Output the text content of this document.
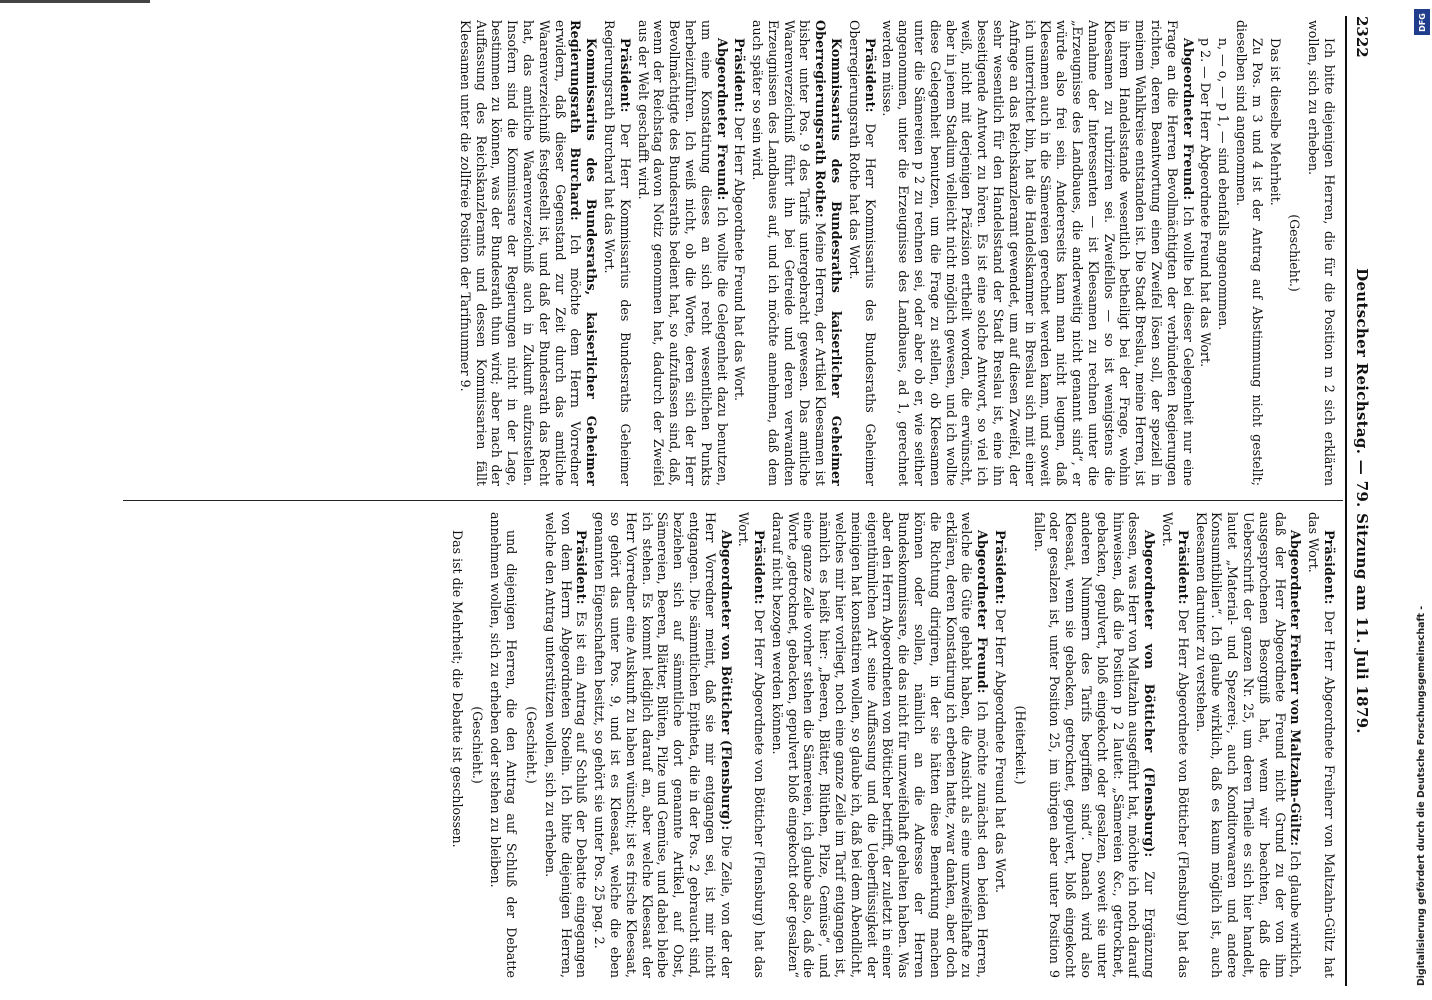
2322
Deutscher Reichstag. — 79. Sitzung am 11. Juli 1879.

Ich bitte diejenigen Herren, die für die Position m 2 sich erklären wollen, sich zu erheben.

(Geschieht.)

Das ist dieselbe Mehrheit.

Zu Pos. m 3 und 4 ist der Antrag auf Abstimmung nicht gestellt; dieselben sind angenommen.

n, — o, — p 1, — sind ebenfalls angenommen.

p 2. — Der Herr Abgeordnete Freund hat das Wort.

Abgeordneter Freund: Ich wollte bei dieser Gelegenheit nur eine Frage an die Herren Bevollmächtigten der verbündeten Regierungen richten, deren Beantwortung einen Zweifel lösen soll, der speziell in meinem Wahlkreise entstanden ist. Die Stadt Breslau, meine Herren, ist in ihrem Handelsstande wesentlich betheiligt bei der Frage, wohin Kleesamen zu rubriziren sei. Zweifellos — so ist wenigstens die Annahme der Interessenten — ist Kleesamen zu rechnen unter die „Erzeugnisse des Landbaues, die anderweitig nicht genannt sind“, er würde also frei sein. Andererseits kann man nicht leugnen, daß Kleesamen auch in die Sämereien gerechnet werden kann, und soweit ich unterrichtet bin, hat die Handelskammer in Breslau sich mit einer Anfrage an das Reichskanzleramt gewendet, um auf diesen Zweifel, der sehr wesentlich für den Handelsstand der Stadt Breslau ist, eine ihn beseitigende Antwort zu hören. Es ist eine solche Antwort, so viel ich weiß, nicht mit derjenigen Präzision ertheilt worden, die erwünscht, aber in jenem Stadium vielleicht nicht möglich gewesen, und ich wollte diese Gelegenheit benutzen, um die Frage zu stellen, ob Kleesamen unter die Sämereien p 2 zu rechnen sei, oder aber ob er, wie seither angenommen, unter die Erzeugnisse des Landbaues, ad 1, gerechnet werden müsse.

Präsident: Der Herr Kommissarius des Bundesraths Geheimer Oberregierungsrath Rothe hat das Wort.

Kommissarius des Bundesraths kaiserlicher Geheimer Oberregierungsrath Rothe: Meine Herren, der Artikel Kleesamen ist bisher unter Pos. 9 des Tarifs untergebracht gewesen. Das amtliche Waarenverzeichniß führt ihn bei Getreide und deren verwandten Erzeugnissen des Landbaues auf, und ich möchte annehmen, daß dem auch später so sein wird.

Präsident: Der Herr Abgeordnete Freund hat das Wort.

Abgeordneter Freund: Ich wollte die Gelegenheit dazu benutzen, um eine Konstatirung dieses an sich recht wesentlichen Punkts herbeizuführen. Ich weiß nicht, ob die Worte, deren sich der Herr Bevollmächtigte des Bundesraths bedient hat, so aufzufassen sind, daß, wenn der Reichstag davon Notiz genommen hat, dadurch der Zweifel aus der Welt geschafft wird.

Präsident: Der Herr Kommissarius des Bundesraths Geheimer Regierungsrath Burchard hat das Wort.

Kommissarius des Bundesraths, kaiserlicher Geheimer Regierungsrath Burchard: Ich möchte dem Herrn Vorredner erwidern, daß dieser Gegenstand zur Zeit durch das amtliche Waarenverzeichniß festgestellt ist, und daß der Bundesrath das Recht hat, das amtliche Waarenverzeichniß auch in Zukunft aufzustellen. Insofern sind die Kommissare der Regierungen nicht in der Lage, bestimmen zu können, was der Bundesrath thun wird; aber nach der Auffassung des Reichskanzleramts und dessen Kommissarien fällt Kleesamen unter die zollfreie Position der Tarifnummer 9.

Präsident: Der Herr Abgeordnete Freiherr von Maltzahn-Gültz hat das Wort.

Abgeordneter Freiherr von Maltzahn-Gültz: Ich glaube wirklich, daß der Herr Abgeordnete Freund nicht Grund zu der von ihm ausgesprochenen Besorgniß hat, wenn wir beachten, daß die Ueberschrift der ganzen Nr. 25, um deren Theile es sich hier handelt, lautet „Material- und Spezerei-, auch Konditorwaaren und andere Konsumtibilien“. Ich glaube wirklich, daß es kaum möglich ist, auch Kleesamen darunter zu verstehen.

Präsident: Der Herr Abgeordnete von Bötticher (Flensburg) hat das Wort.

Abgeordneter von Bötticher (Flensburg): Zur Ergänzung dessen, was Herr von Maltzahn ausgeführt hat, möchte ich noch darauf hinweisen, daß die Position p 2 lautet: „Sämereien &c., getrocknet, gebacken, gepulvert, bloß eingekocht oder gesalzen, soweit sie unter anderen Nummern des Tarifs begriffen sind“. Danach wird also Kleesaat, wenn sie gebacken, getrocknet, gepulvert, bloß eingekocht oder gesalzen ist, unter Position 25, im übrigen aber unter Position 9 fallen.

(Heiterkeit.)

Präsident: Der Herr Abgeordnete Freund hat das Wort.

Abgeordneter Freund: Ich möchte zunächst den beiden Herren, welche die Güte gehabt haben, die Ansicht als eine unzweifelhafte zu erklären, deren Konstatirung ich erbeten hatte, zwar danken, aber doch die Richtung dirigiren, in der sie hätten diese Bemerkung machen können oder sollen, nämlich an die Adresse der Herren Bundeskommissare, die das nicht für unzweifelhaft gehalten haben. Was aber den Herrn Abgeordneten von Bötticher betrifft, der zuletzt in einer eigenthümlichen Art seine Auffassung und die Ueberflüssigkeit der meinigen hat konstatiren wollen, so glaube ich, daß bei dem Abendlicht, welches mir hier vorliegt, noch eine ganze Zeile im Tarif entgangen ist, nämlich es heißt hier: „Beeren, Blätter, Blüthen, Pilze, Gemüse“, und eine ganze Zeile vorher stehen die Sämereien, ich glaube also, daß die Worte „getrocknet, gebacken, gepulvert bloß eingekocht oder gesalzen“ darauf nicht bezogen werden können.

Präsident: Der Herr Abgeordnete von Bötticher (Flensburg) hat das Wort.

Abgeordneter von Bötticher (Flensburg): Die Zeile, von der der Herr Vorredner meint, daß sie mir entgangen sei, ist mir nicht entgangen. Die sämmtlichen Epitheta, die in der Pos. 2 gebraucht sind, beziehen sich auf sämmtliche dort genannte Artikel, auf Obst, Sämereien, Beeren, Blätter, Blüten, Pilze und Gemüse, und dabei bleibe ich stehen. Es kommt lediglich darauf an, aber welche Kleesaat der Herr Vorredner eine Auskunft zu haben wünscht; ist es frische Kleesaat, so gehört das unter Pos. 9, und ist es Kleesaat, welche die eben genannten Eigenschaften besitzt, so gehört sie unter Pos. 25 pag. 2.

Präsident: Es ist ein Antrag auf Schluß der Debatte eingegangen von dem Herrn Abgeordneten Stoelin. Ich bitte diejenigen Herren, welche den Antrag unterstützen wollen, sich zu erheben.

(Geschieht.)

und diejenigen Herren, die den Antrag auf Schluß der Debatte annehmen wollen, sich zu erheben oder stehen zu bleiben.

(Geschieht.)

Das ist die Mehrheit; die Debatte ist geschlossen.	Digitalisierung gefördert durch die Deutsche Forschungsgemeinschaft -
DFG
